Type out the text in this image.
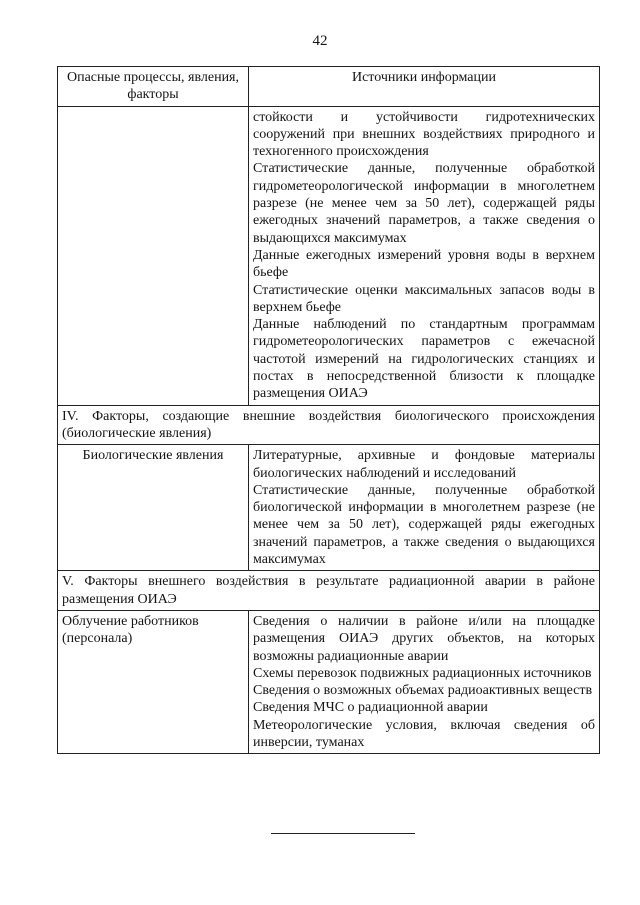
42
Опасные процессы, явления, факторы	Источники информации

	стойкости и устойчивости гидротехнических сооружений при внешних воздействиях природного и техногенного происхождения
Статистические данные, полученные обработкой гидрометеорологической информации в многолетнем разрезе (не менее чем за 50 лет), содержащей ряды ежегодных значений параметров, а также сведения о выдающихся максимумах
Данные ежегодных измерений уровня воды в верхнем бьефе
Статистические оценки максимальных запасов воды в верхнем бьефе
Данные наблюдений по стандартным программам гидрометеорологических параметров с ежечасной частотой измерений на гидрологических станциях и постах в непосредственной близости к площадке размещения ОИАЭ

IV. Факторы, создающие внешние воздействия биологического происхождения (биологические явления)	
Биологические явления	Литературные, архивные и фондовые материалы биологических наблюдений и исследований
Статистические данные, полученные обработкой биологической информации в многолетнем разрезе (не менее чем за 50 лет), содержащей ряды ежегодных значений параметров, а также сведения о выдающихся максимумах

V. Факторы внешнего воздействия в результате радиационной аварии в районе размещения ОИАЭ	
Облучение работников (персонала)	Сведения о наличии в районе и/или на площадке размещения ОИАЭ других объектов, на которых возможны радиационные аварии
Схемы перевозок подвижных радиационных источников
Сведения о возможных объемах радиоактивных веществ
Сведения МЧС о радиационной аварии
Метеорологические условия, включая сведения об инверсии, туманах
